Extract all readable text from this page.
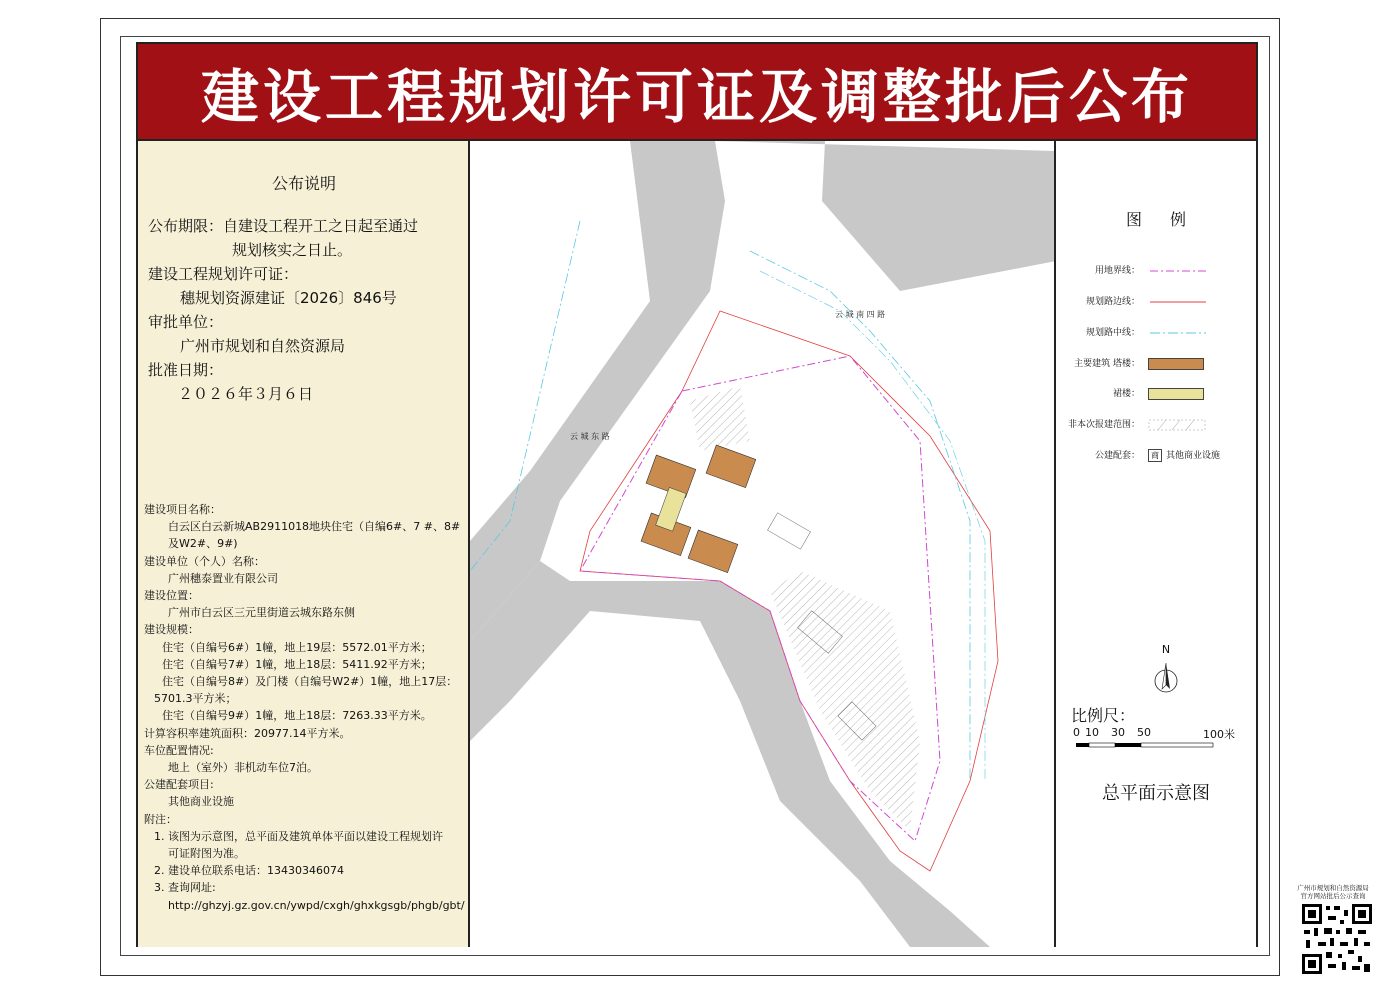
建设工程规划许可证及调整批后公布
公布说明
公布期限：自建设工程开工之日起至通过
规划核实之日止。
建设工程规划许可证：
穗规划资源建证〔2026〕846号
审批单位：
广州市规划和自然资源局
批准日期：
２０２６年３月６日
建设项目名称：
白云区白云新城AB2911018地块住宅（自编6#、7 #、8#
及W2#、9#)
建设单位（个人）名称：
广州穗泰置业有限公司
建设位置：
广州市白云区三元里街道云城东路东侧
建设规模：
住宅（自编号6#）1幢，地上19层：5572.01平方米；
住宅（自编号7#）1幢，地上18层：5411.92平方米；
住宅（自编号8#）及门楼（自编号W2#）1幢，地上17层：
5701.3平方米；
住宅（自编号9#）1幢，地上18层：7263.33平方米。
计算容积率建筑面积：20977.14平方米。
车位配置情况:
地上（室外）非机动车位7泊。
公建配套项目:
其他商业设施
附注：
1. 该图为示意图，总平面及建筑单体平面以建设工程规划许
可证附图为准。
2. 建设单位联系电话：13430346074
3. 查询网址:
http://ghzyj.gz.gov.cn/ywpd/cxgh/ghxkgsgb/phgb/gbt/
云 城 南 四 路
云 城 东 路
图例
用地界线：
规划路边线：
规划路中线：
主要建筑 塔楼：
裙楼：
非本次报建范围：
公建配套：	商 其他商业设施
N
比例尺：
0 10 30 50	100米
总平面示意图
广州市规划和自然资源局
官方网站批后公示查询
